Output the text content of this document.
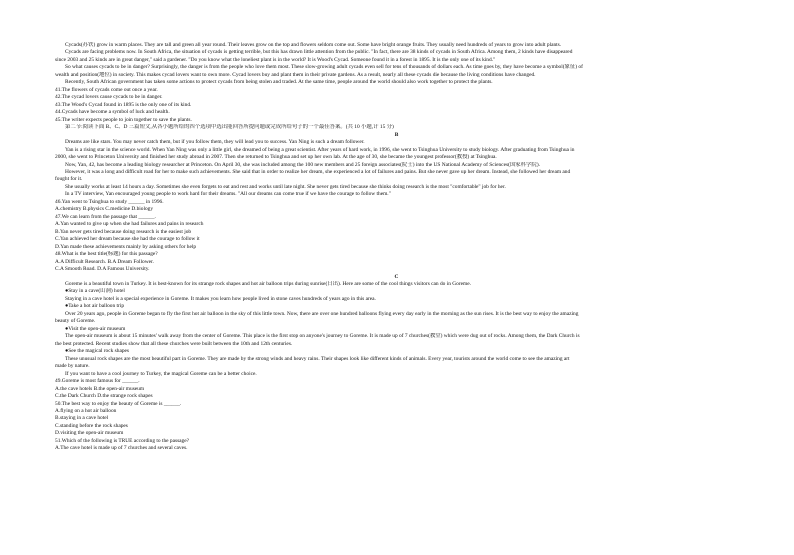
Cycads(苏铁) grow in warm places. They are tall and green all year round. Their leaves grow on the top and flowers seldom come out. Some have bright orange fruits. They usually need hundreds of years to grow into adult plants.
Cycads are facing problems now. In South Africa, the situation of cycads is getting terrible, but this has drawn little attention from the public. "In fact, there are 38 kinds of cycads in South Africa. Among them, 2 kinds have disappeared
since 2003 and 25 kinds are in great danger," said a gardener. "Do you know what the loneliest plant is in the world? It is Wood's Cycad. Someone found it in a forest in 1895. It is the only one of its kind."
So what causes cycads to be in danger? Surprisingly, the danger is from the people who love them most. These slow-growing adult cycads even sell for tens of thousands of dollars each. As time goes by, they have become a symbol(象征) of
wealth and position(地位) in society. This makes cycad lovers want to own more. Cycad lovers buy and plant them in their private gardens. As a result, nearly all these cycads die because the living conditions have changed.
Recently, South African government has taken some actions to protect cycads from being stolen and traded. At the same time, people around the world should also work together to protect the plants.
41.The flowers of cycads come out once a year.
42.The cycad lovers cause cycads to be in danger.
43.The Wood's Cycad found in 1895 is the only one of its kind.
44.Cycads have become a symbol of luck and health.
45.The writer expects people to join together to save the plants.
第二节:阅读下面 B、C、D 三篇短文,从各小题所给的四个选项中选出能回答所提问题或完成所给句子的一个最佳答案。(共 10 小题,计 15 分)
B
Dreams are like stars. You may never catch them, but if you follow them, they will lead you to success. Yan Ning is such a dream follower.
Yan is a rising star in the science world. When Yan Ning was only a little girl, she dreamed of being a great scientist. After years of hard work, in 1996, she went to Tsinghua University to study biology. After graduating from Tsinghua in
2000, she went to Princeton University and finished her study abroad in 2007. Then she returned to Tsinghua and set up her own lab. At the age of 30, she became the youngest professor(教授) at Tsinghua.
Now, Yan, 42, has become a leading biology researcher at Princeton. On April 30, she was included among the 100 new members and 25 foreign associates(院士) into the US National Academy of Sciences(国家科学院).
However, it was a long and difficult road for her to make such achievements. She said that in order to realize her dream, she experienced a lot of failures and pains. But she never gave up her dream. Instead, she followed her dream and
fought for it.
She usually works at least 14 hours a day. Sometimes she even forgets to eat and rest and works until late night. She never gets tired because she thinks doing research is the most "comfortable" job for her.
In a TV interview, Yan encouraged young people to work hard for their dreams. "All our dreams can come true if we have the courage to follow them."
46.Yan went to Tsinghua to study ______ in 1996.
A.chemistry B.physics C.medicine D.biology
47.We can learn from the passage that ______.
A.Yan wanted to give up when she had failures and pains in research
B.Yan never gets tired because doing research is the easiest job
C.Yan achieved her dream because she had the courage to follow it
D.Yan made these achievements mainly by asking others for help
48.What is the best title(标题) for this passage?
A.A Difficult Research. B.A Dream Follower.
C.A Smooth Road. D.A Famous University.
C
Goreme is a beautiful town in Turkey. It is best-known for its strange rock shapes and hot air balloon trips during sunrise(日出). Here are some of the cool things visitors can do in Goreme.
●Stay in a cave(山洞) hotel
Staying in a cave hotel is a special experience in Goreme. It makes you learn how people lived in stone caves hundreds of years ago in this area.
●Take a hot air balloon trip
Over 20 years ago, people in Goreme began to fly the first hot air balloon in the sky of this little town. Now, there are over one hundred balloons flying every day early in the morning as the sun rises. It is the best way to enjoy the amazing
beauty of Goreme.
●Visit the open-air museum
The open-air museum is about 15 minutes' walk away from the center of Goreme. This place is the first stop on anyone's journey to Goreme. It is made up of 7 churches(教堂) which were dug out of rocks. Among them, the Dark Church is
the best protected. Recent studies show that all these churches were built between the 10th and 12th centuries.
●See the magical rock shapes
These unusual rock shapes are the most beautiful part in Goreme. They are made by the strong winds and heavy rains. Their shapes look like different kinds of animals. Every year, tourists around the world come to see the amazing art
made by nature.
If you want to have a cool journey to Turkey, the magical Goreme can be a better choice.
49.Goreme is most famous for ______.
A.the cave hotels B.the open-air museum
C.the Dark Church D.the strange rock shapes
50.The best way to enjoy the beauty of Goreme is ______.
A.flying on a hot air balloon
B.staying in a cave hotel
C.standing before the rock shapes
D.visiting the open-air museum
51.Which of the following is TRUE according to the passage?
A.The cave hotel is made up of 7 churches and several caves.
